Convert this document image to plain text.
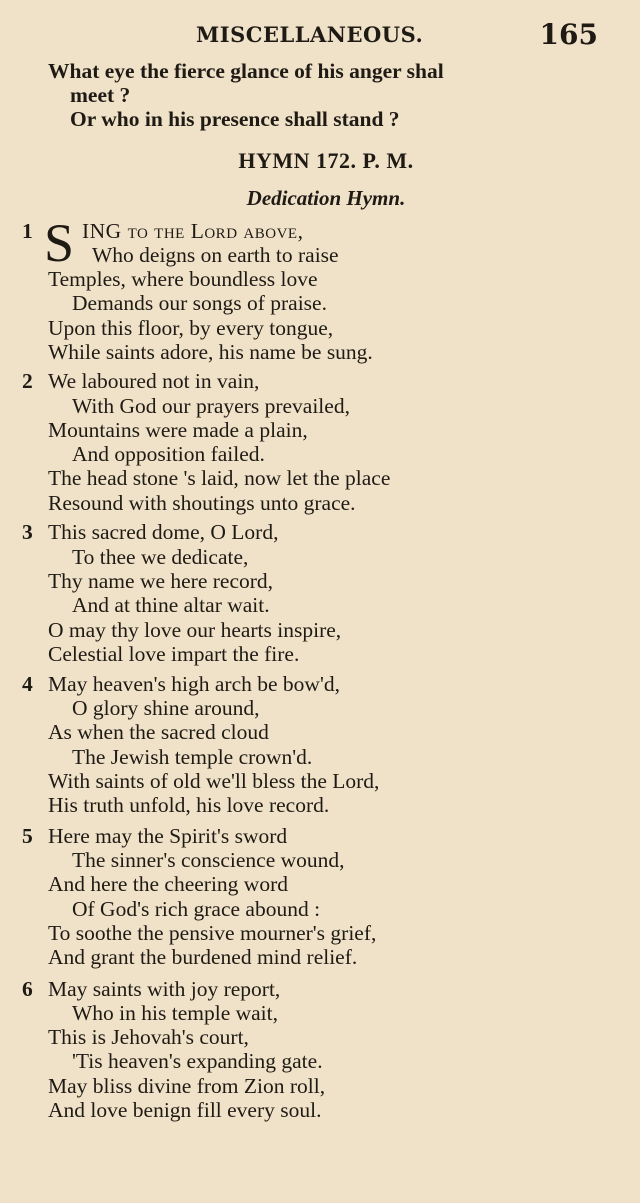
MISCELLANEOUS.	165
What eye the fierce glance of his anger shal
meet ?
Or who in his presence shall stand ?
HYMN 172. P. M.
Dedication Hymn.
1 S ING to the Lord above,
Who deigns on earth to raise
Temples, where boundless love
Demands our songs of praise.
Upon this floor, by every tongue,
While saints adore, his name be sung.
2 We laboured not in vain,
With God our prayers prevailed,
Mountains were made a plain,
And opposition failed.
The head stone 's laid, now let the place
Resound with shoutings unto grace.
3 This sacred dome, O Lord,
To thee we dedicate,
Thy name we here record,
And at thine altar wait.
O may thy love our hearts inspire,
Celestial love impart the fire.
4 May heaven's high arch be bow'd,
O glory shine around,
As when the sacred cloud
The Jewish temple crown'd.
With saints of old we'll bless the Lord,
His truth unfold, his love record.
5 Here may the Spirit's sword
The sinner's conscience wound,
And here the cheering word
Of God's rich grace abound :
To soothe the pensive mourner's grief,
And grant the burdened mind relief.
6 May saints with joy report,
Who in his temple wait,
This is Jehovah's court,
'Tis heaven's expanding gate.
May bliss divine from Zion roll,
And love benign fill every soul.
